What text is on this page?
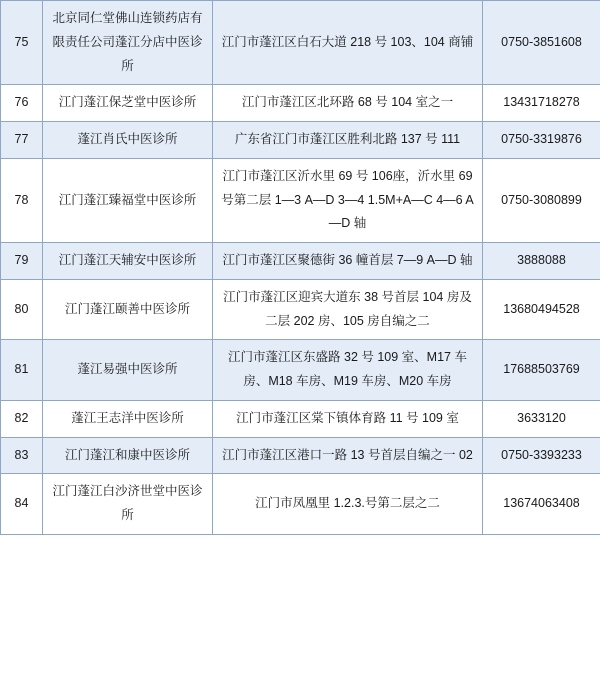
75	北京同仁堂佛山连锁药店有限责任公司蓬江分店中医诊所	江门市蓬江区白石大道 218 号 103、104 商铺	0750-3851608
76	江门蓬江保芝堂中医诊所	江门市蓬江区北环路 68 号 104 室之一	13431718278
77	蓬江肖氏中医诊所	广东省江门市蓬江区胜利北路 137 号 111	0750-3319876
78	江门蓬江臻福堂中医诊所	江门市蓬江区沂水里 69 号 106座，沂水里 69 号第二层 1—3 A—D 3—4 1.5M+A—C 4—6 A—D 轴	0750-3080899
79	江门蓬江天辅安中医诊所	江门市蓬江区聚德街 36 幢首层 7—9 A—D 轴	3888088
80	江门蓬江颐善中医诊所	江门市蓬江区迎宾大道东 38 号首层 104 房及二层 202 房、105 房自编之二	13680494528
81	蓬江易强中医诊所	江门市蓬江区东盛路 32 号 109 室、M17 车房、M18 车房、M19 车房、M20 车房	17688503769
82	蓬江王志洋中医诊所	江门市蓬江区棠下镇体育路 11 号 109 室	3633120
83	江门蓬江和康中医诊所	江门市蓬江区港口一路 13 号首层自编之一 02	0750-3393233
84	江门蓬江白沙济世堂中医诊所	江门市凤凰里 1.2.3.号第二层之二	13674063408
